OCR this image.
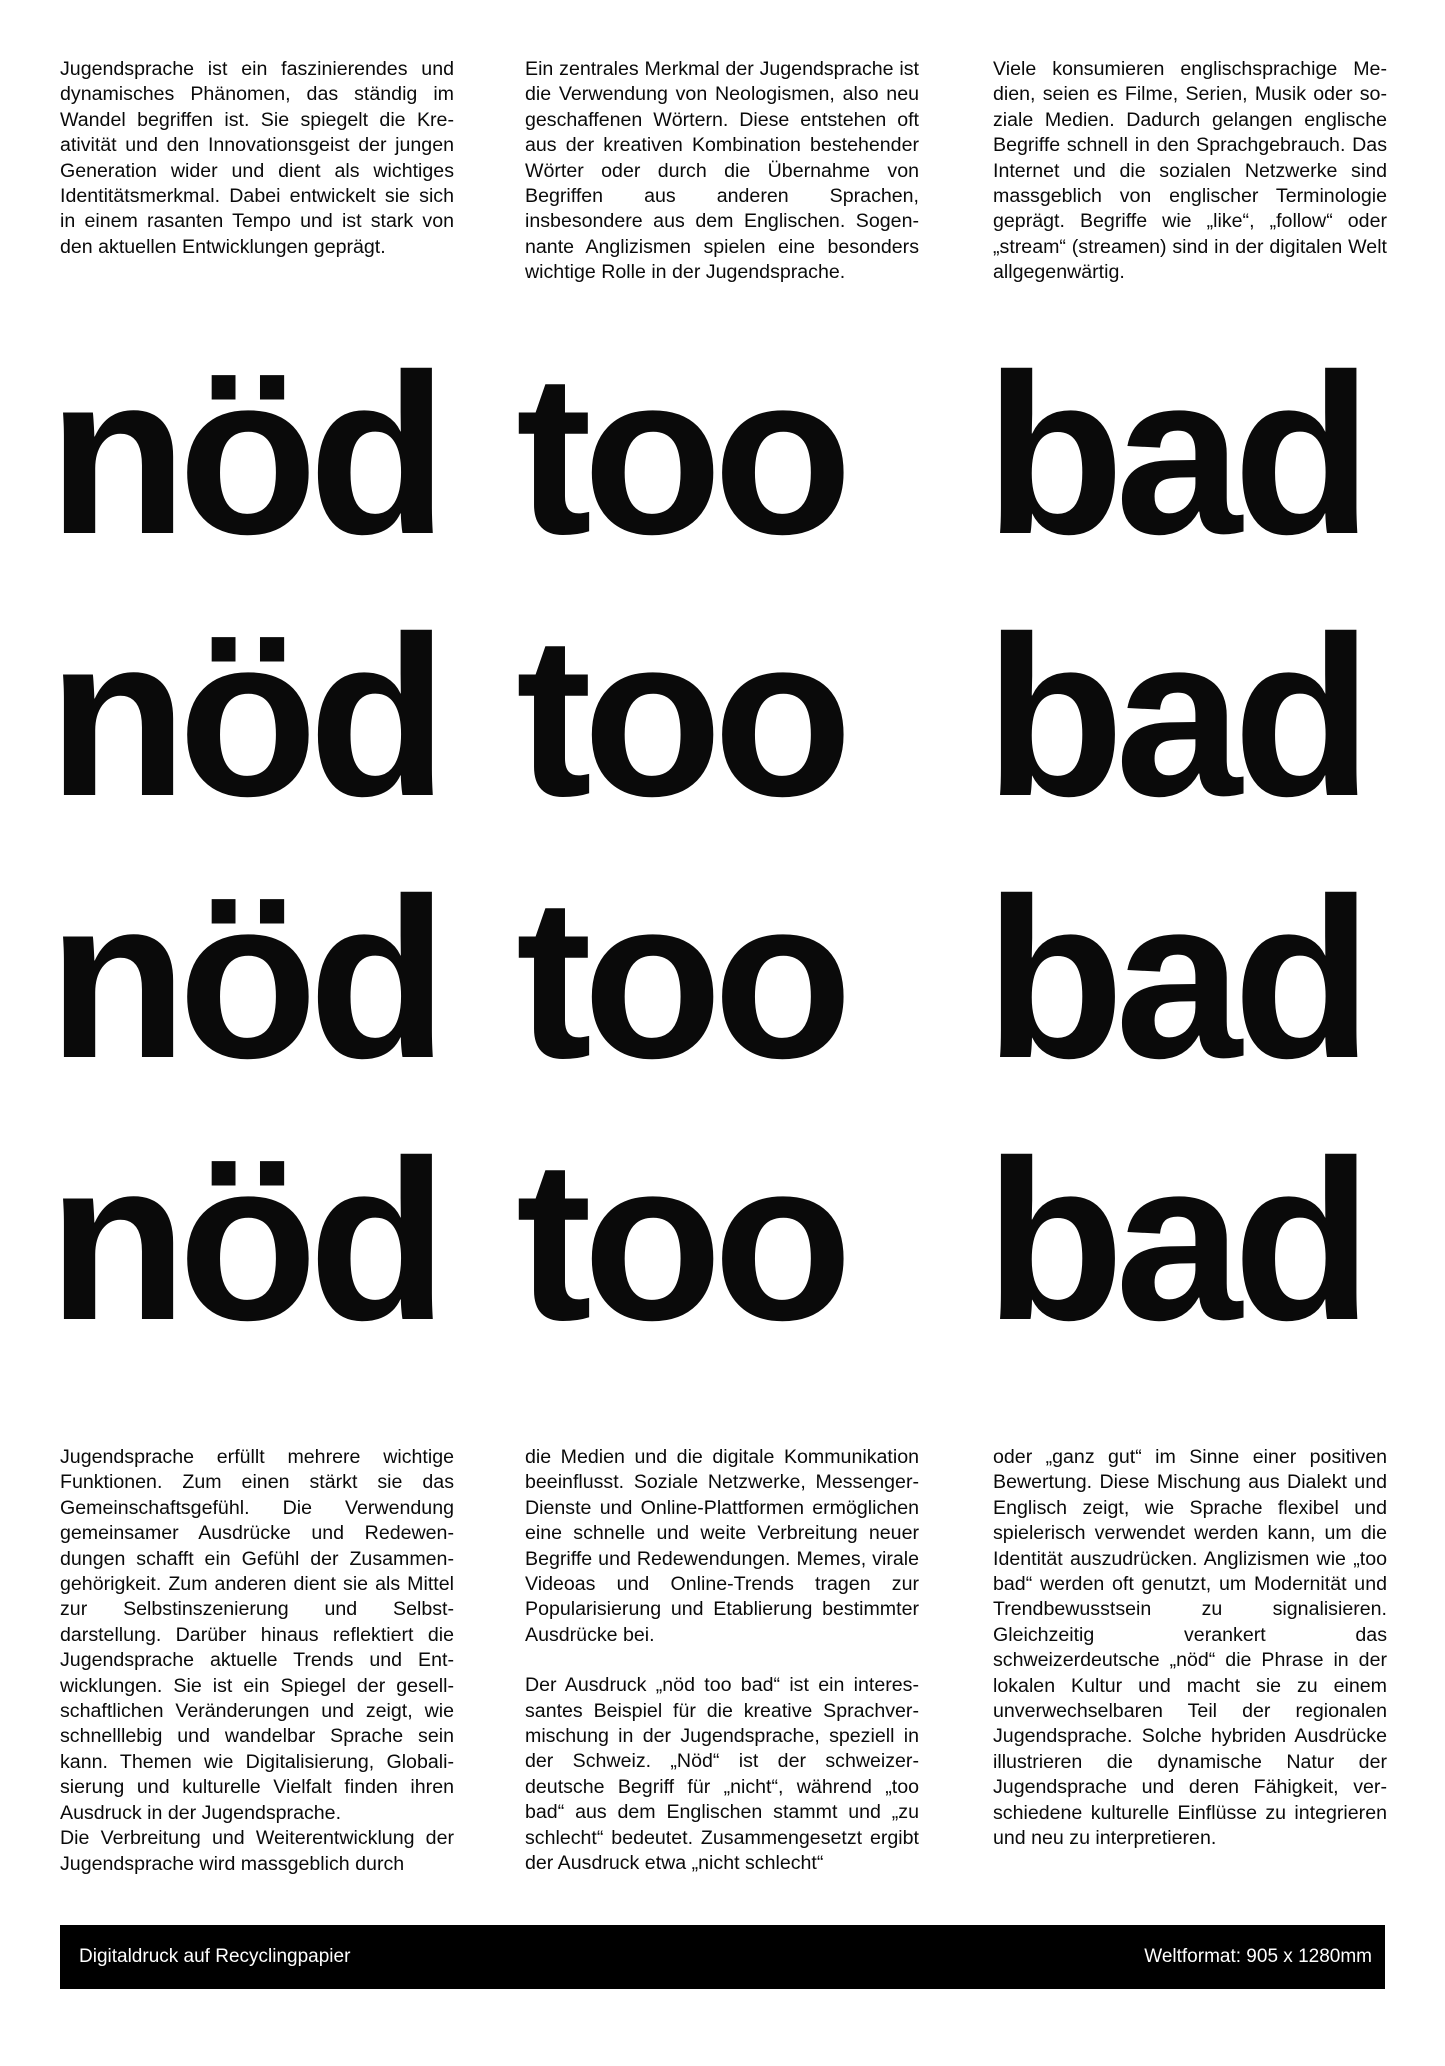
Jugendsprache ist ein faszinierendes und dynamisches Phänomen, das ständig im Wandel begriffen ist. Sie spiegelt die Kreativität und den Innovationsgeist der jungen Generation wider und dient als wichtiges Identitätsmerkmal. Dabei entwickelt sie sich in einem rasanten Tempo und ist stark von den aktuellen Entwicklungen geprägt.

Ein zentrales Merkmal der Jugendsprache ist die Verwendung von Neologismen, also neu geschaffenen Wörtern. Diese entstehen oft aus der kreativen Kombination bestehender Wörter oder durch die Übernahme von Begriffen aus anderen Sprachen, insbesondere aus dem Englischen. Sogennante Anglizismen spielen eine besonders wichtige Rolle in der Jugendsprache.

Viele konsumieren englischsprachige Medien, seien es Filme, Serien, Musik oder soziale Medien. Dadurch gelangen englische Begriffe schnell in den Sprachgebrauch. Das Internet und die sozialen Netzwerke sind massgeblich von englischer Terminologie geprägt. Begriffe wie „like“, „follow“ oder „stream“ (streamen) sind in der digitalen Welt allgegenwärtig.

nöd too bad
nöd too bad
nöd too bad
nöd too bad

Jugendsprache erfüllt mehrere wichtige Funktionen. Zum einen stärkt sie das Gemeinschaftsgefühl. Die Verwendung gemeinsamer Ausdrücke und Redewendungen schafft ein Gefühl der Zusammengehörigkeit. Zum anderen dient sie als Mittel zur Selbstinszenierung und Selbstdarstellung. Darüber hinaus reflektiert die Jugendsprache aktuelle Trends und Entwicklungen. Sie ist ein Spiegel der gesellschaftlichen Veränderungen und zeigt, wie schnelllebig und wandelbar Sprache sein kann. Themen wie Digitalisierung, Globalisierung und kulturelle Vielfalt finden ihren Ausdruck in der Jugendsprache.

Die Verbreitung und Weiterentwicklung der Jugendsprache wird massgeblich durch

die Medien und die digitale Kommunikation beeinflusst. Soziale Netzwerke, Messenger-Dienste und Online-Plattformen ermöglichen eine schnelle und weite Verbreitung neuer Begriffe und Redewendungen. Memes, virale Videoas und Online-Trends tragen zur Popularisierung und Etablierung bestimmter Ausdrücke bei.

Der Ausdruck „nöd too bad“ ist ein interessantes Beispiel für die kreative Sprachvermischung in der Jugendsprache, speziell in der Schweiz. „Nöd“ ist der schweizerdeutsche Begriff für „nicht“, während „too bad“ aus dem Englischen stammt und „zu schlecht“ bedeutet. Zusammengesetzt ergibt der Ausdruck etwa „nicht schlecht“

oder „ganz gut“ im Sinne einer positiven Bewertung. Diese Mischung aus Dialekt und Englisch zeigt, wie Sprache flexibel und spielerisch verwendet werden kann, um die Identität auszudrücken. Anglizismen wie „too bad“ werden oft genutzt, um Modernität und Trendbewusstsein zu signalisieren. Gleichzeitig verankert das schweizerdeutsche „nöd“ die Phrase in der lokalen Kultur und macht sie zu einem unverwechselbaren Teil der regionalen Jugendsprache. Solche hybriden Ausdrücke illustrieren die dynamische Natur der Jugendsprache und deren Fähigkeit, verschiedene kulturelle Einflüsse zu integrieren und neu zu interpretieren.

Digitaldruck auf Recyclingpapier	Weltformat: 905 x 1280mm
